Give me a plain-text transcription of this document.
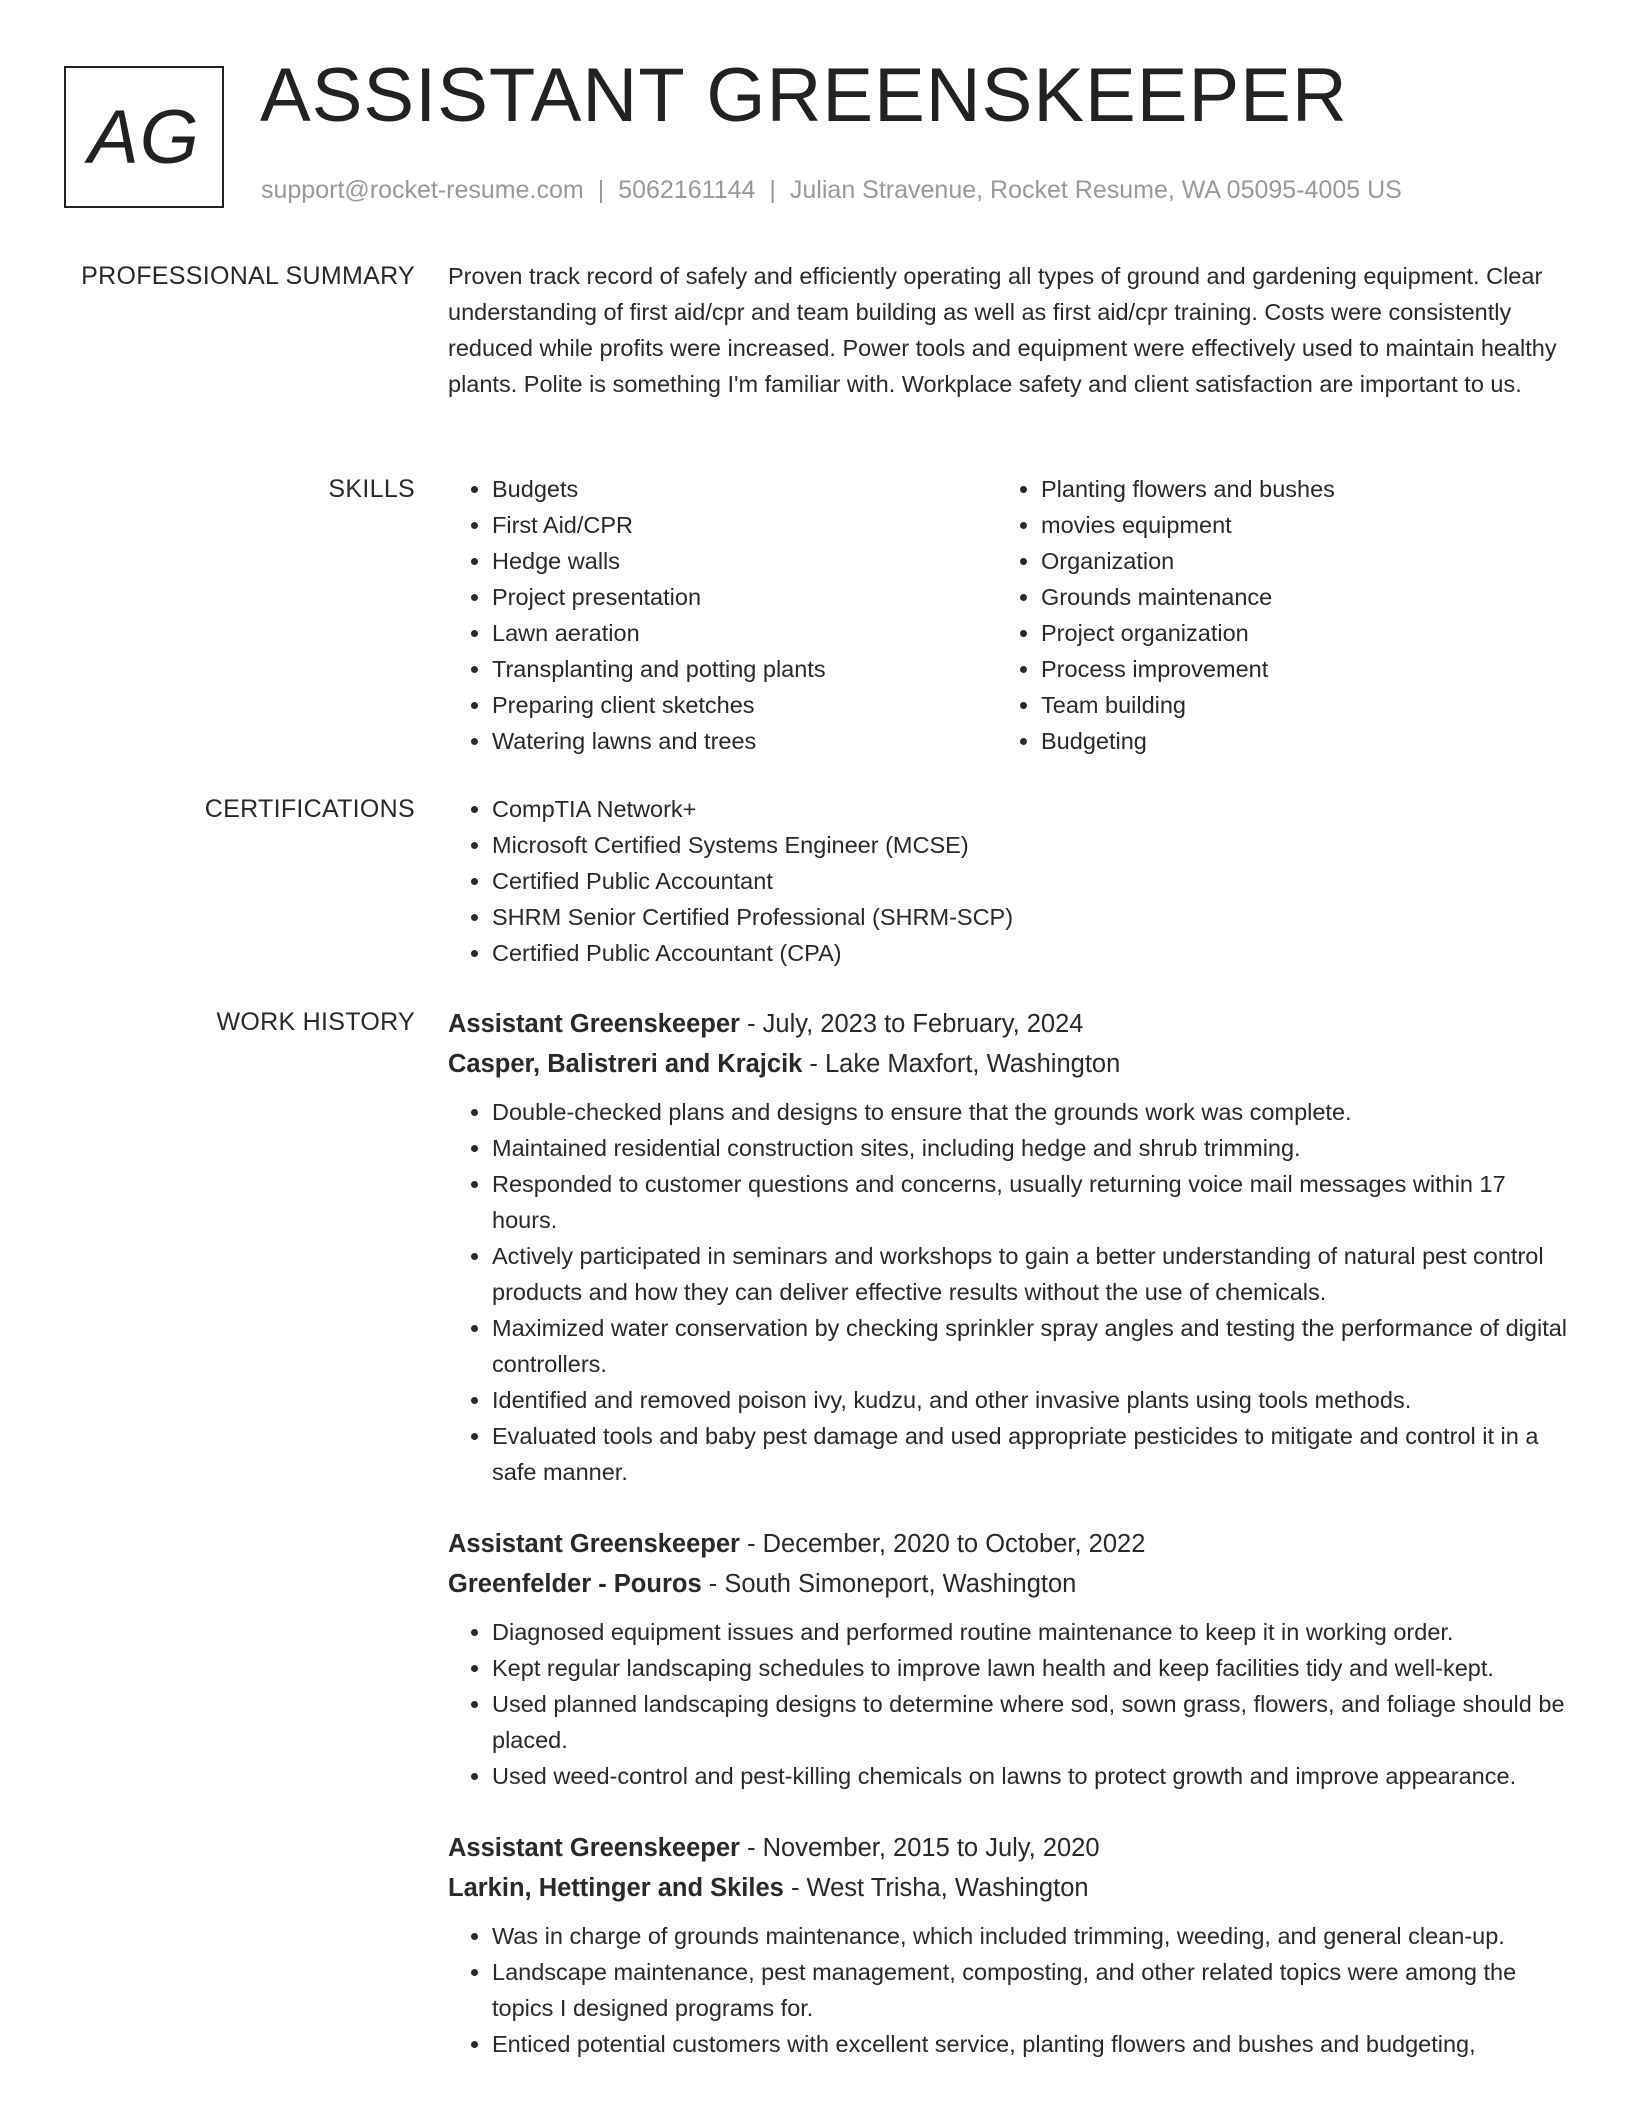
AG ASSISTANT GREENSKEEPER
support@rocket-resume.com | 5062161144 | Julian Stravenue, Rocket Resume, WA 05095-4005 US
PROFESSIONAL SUMMARY Proven track record of safely and efficiently operating all types of ground and gardening equipment. Clear understanding of first aid/cpr and team building as well as first aid/cpr training. Costs were consistently reduced while profits were increased. Power tools and equipment were effectively used to maintain healthy plants. Polite is something I'm familiar with. Workplace safety and client satisfaction are important to us.
SKILLS	• Budgets
• First Aid/CPR
• Hedge walls
• Project presentation
• Lawn aeration
• Transplanting and potting plants
• Preparing client sketches
• Watering lawns and trees
• Planting flowers and bushes
• movies equipment
• Organization
• Grounds maintenance
• Project organization
• Process improvement
• Team building
• Budgeting
CERTIFICATIONS	• CompTIA Network+
• Microsoft Certified Systems Engineer (MCSE)
• Certified Public Accountant
• SHRM Senior Certified Professional (SHRM-SCP)
• Certified Public Accountant (CPA)
WORK HISTORY Assistant Greenskeeper - July, 2023 to February, 2024
Casper, Balistreri and Krajcik - Lake Maxfort, Washington
• Double-checked plans and designs to ensure that the grounds work was complete.
• Maintained residential construction sites, including hedge and shrub trimming.
• Responded to customer questions and concerns, usually returning voice mail messages within 17 hours.
• Actively participated in seminars and workshops to gain a better understanding of natural pest control products and how they can deliver effective results without the use of chemicals.
• Maximized water conservation by checking sprinkler spray angles and testing the performance of digital controllers.
• Identified and removed poison ivy, kudzu, and other invasive plants using tools methods.
• Evaluated tools and baby pest damage and used appropriate pesticides to mitigate and control it in a safe manner.
Assistant Greenskeeper - December, 2020 to October, 2022
Greenfelder - Pouros - South Simoneport, Washington
• Diagnosed equipment issues and performed routine maintenance to keep it in working order.
• Kept regular landscaping schedules to improve lawn health and keep facilities tidy and well-kept.
• Used planned landscaping designs to determine where sod, sown grass, flowers, and foliage should be placed.
• Used weed-control and pest-killing chemicals on lawns to protect growth and improve appearance.
Assistant Greenskeeper - November, 2015 to July, 2020
Larkin, Hettinger and Skiles - West Trisha, Washington
• Was in charge of grounds maintenance, which included trimming, weeding, and general clean-up.
• Landscape maintenance, pest management, composting, and other related topics were among the topics I designed programs for.
• Enticed potential customers with excellent service, planting flowers and bushes and budgeting,
